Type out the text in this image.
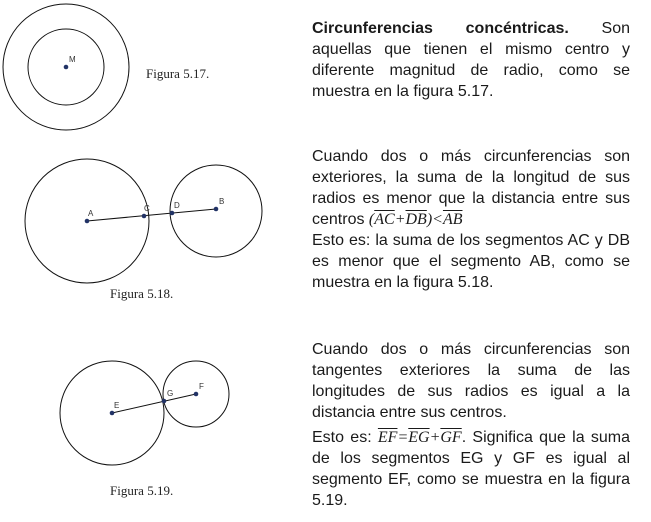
M
Figura 5.17.
A
C	D	B
Figura 5.18.
E
G
F
Figura 5.19.

Circunferencias concéntricas. Son aquellas que tienen el mismo centro y diferente magnitud de radio, como se muestra en la figura 5.17.

Cuando dos o más circunferencias son exteriores, la suma de la longitud de sus radios es menor que la distancia entre sus centros $(\overline{AC}+\overline{DB})<\overline{AB}$

Esto es: la suma de los segmentos AC y DB es menor que el segmento AB, como se muestra en la figura 5.18.

Cuando dos o más circunferencias son tangentes exteriores la suma de las longitudes de sus radios es igual a la distancia entre sus centros.

Esto es: $\overline{EF}=\overline{EG}+\overline{GF}$. Significa que la suma de los segmentos EG y GF es igual al segmento EF, como se muestra en la figura 5.19.
